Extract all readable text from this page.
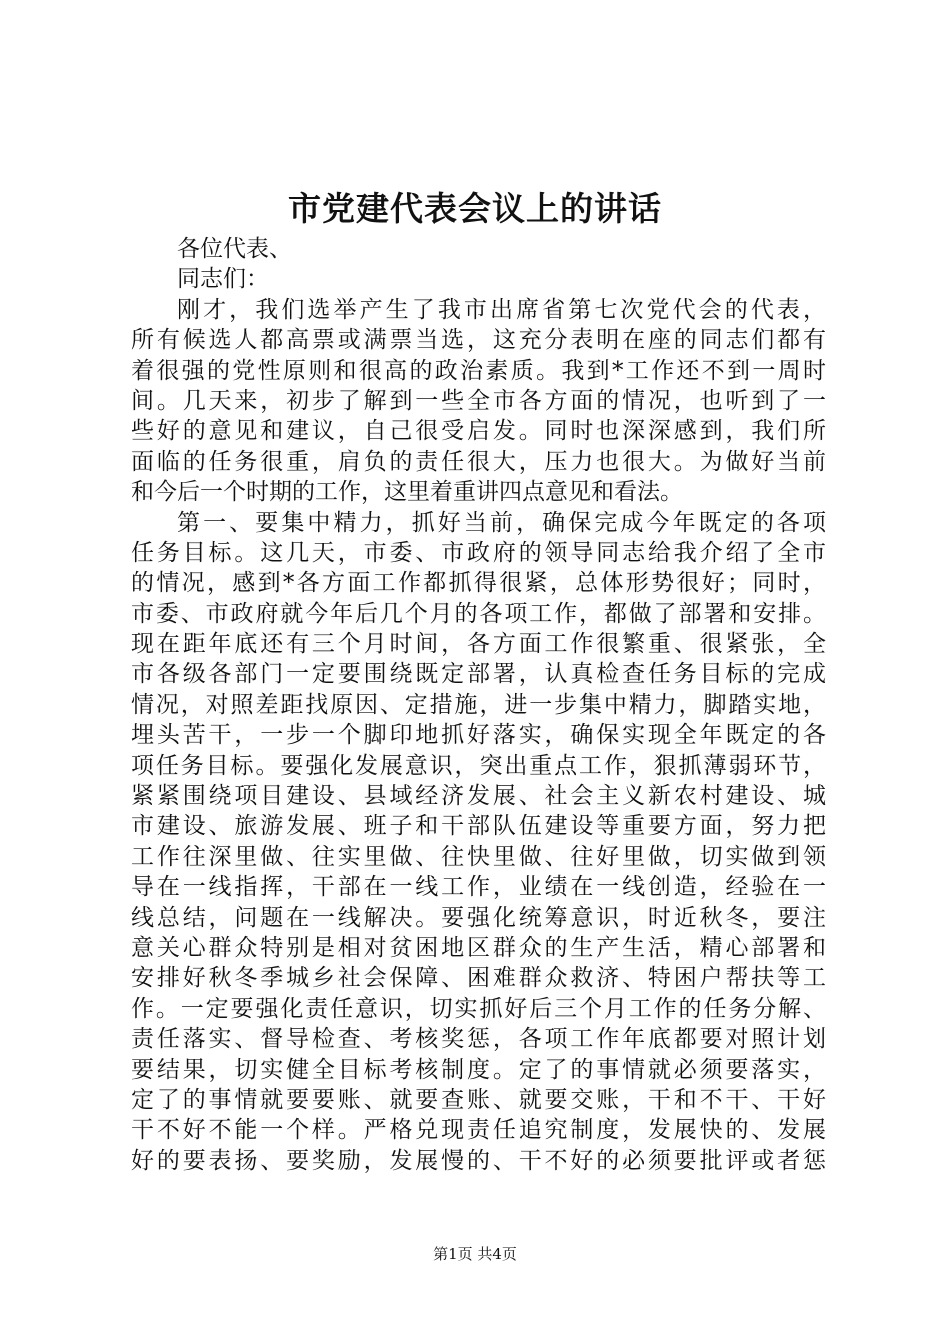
市党建代表会议上的讲话
各位代表、
同志们：
刚才，我们选举产生了我市出席省第七次党代会的代表，
所有候选人都高票或满票当选，这充分表明在座的同志们都有
着很强的党性原则和很高的政治素质。我到*工作还不到一周时
间。几天来，初步了解到一些全市各方面的情况，也听到了一
些好的意见和建议，自己很受启发。同时也深深感到，我们所
面临的任务很重，肩负的责任很大，压力也很大。为做好当前
和今后一个时期的工作，这里着重讲四点意见和看法。
第一、要集中精力，抓好当前，确保完成今年既定的各项
任务目标。这几天，市委、市政府的领导同志给我介绍了全市
的情况，感到*各方面工作都抓得很紧，总体形势很好；同时，
市委、市政府就今年后几个月的各项工作，都做了部署和安排。
现在距年底还有三个月时间，各方面工作很繁重、很紧张，全
市各级各部门一定要围绕既定部署，认真检查任务目标的完成
情况，对照差距找原因、定措施，进一步集中精力，脚踏实地，
埋头苦干，一步一个脚印地抓好落实，确保实现全年既定的各
项任务目标。要强化发展意识，突出重点工作，狠抓薄弱环节，
紧紧围绕项目建设、县域经济发展、社会主义新农村建设、城
市建设、旅游发展、班子和干部队伍建设等重要方面，努力把
工作往深里做、往实里做、往快里做、往好里做，切实做到领
导在一线指挥，干部在一线工作，业绩在一线创造，经验在一
线总结，问题在一线解决。要强化统筹意识，时近秋冬，要注
意关心群众特别是相对贫困地区群众的生产生活，精心部署和
安排好秋冬季城乡社会保障、困难群众救济、特困户帮扶等工
作。一定要强化责任意识，切实抓好后三个月工作的任务分解、
责任落实、督导检查、考核奖惩，各项工作年底都要对照计划
要结果，切实健全目标考核制度。定了的事情就必须要落实，
定了的事情就要要账、就要查账、就要交账，干和不干、干好
干不好不能一个样。严格兑现责任追究制度，发展快的、发展
好的要表扬、要奖励，发展慢的、干不好的必须要批评或者惩
第1页 共4页
